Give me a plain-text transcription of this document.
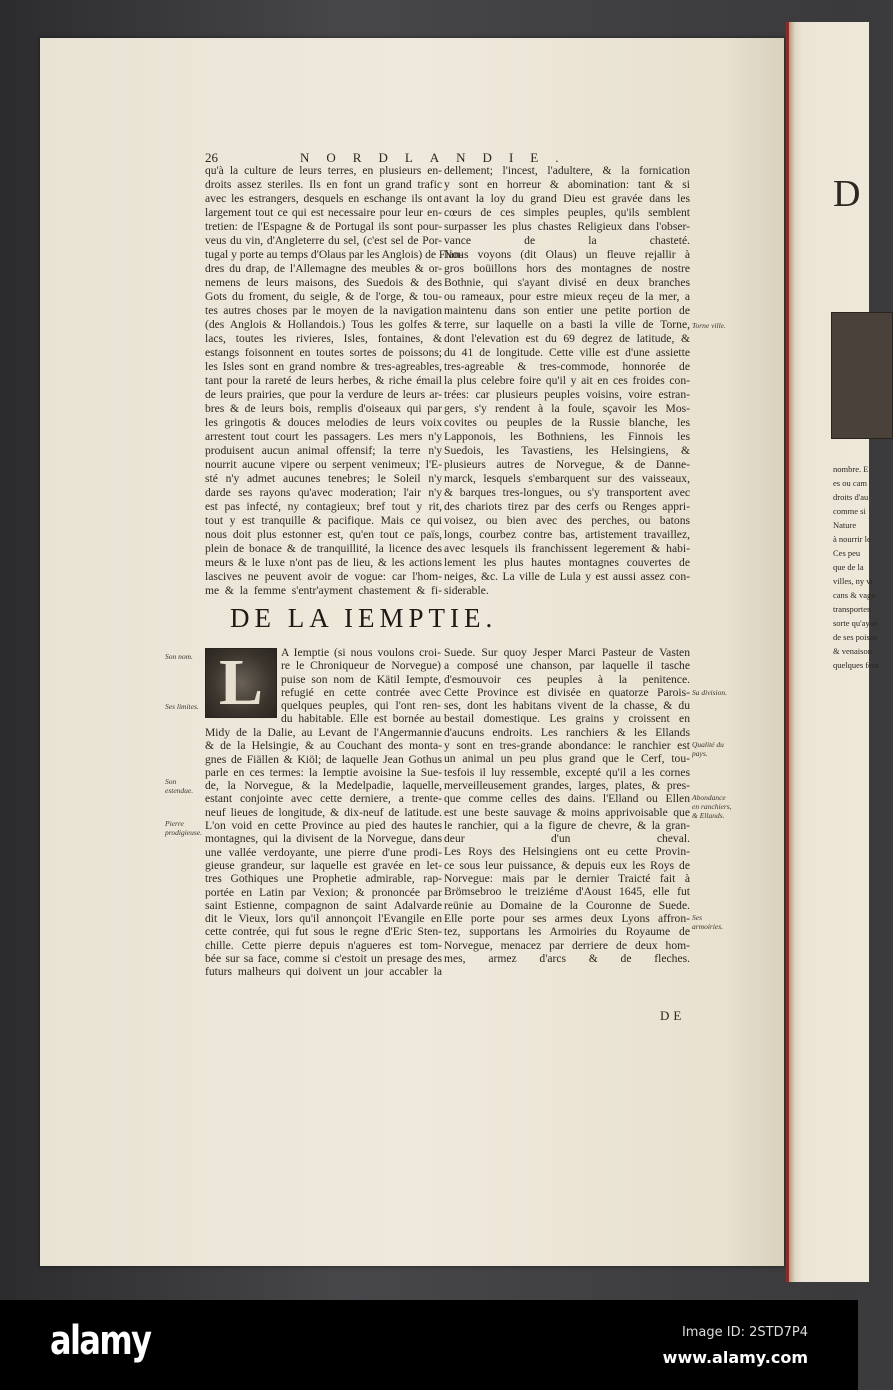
D
nombre. E
es ou cam
droits d'au
comme si
Nature
à nourrir le
Ces peu
que de la
villes, ny vi
cans & vagu
transporten
sorte qu'ayan
de ses poisso
& venaison
quelques fem
26	NORDLANDIE.
qu'à la culture de leurs terres, en plusieurs en-
droits assez steriles. Ils en font un grand trafic
avec les estrangers, desquels en eschange ils ont
largement tout ce qui est necessaire pour leur en-
tretien: de l'Espagne & de Portugal ils sont pour-
veus du vin, d'Angleterre du sel, (c'est sel de Por-
tugal y porte au temps d'Olaus par les Anglois) de Flan-
dres du drap, de l'Allemagne des meubles & or-
nemens de leurs maisons, des Suedois & des
Gots du froment, du seigle, & de l'orge, & tou-
tes autres choses par le moyen de la navigation
(des Anglois & Hollandois.) Tous les golfes &
lacs, toutes les rivieres, Isles, fontaines, &
estangs foisonnent en toutes sortes de poissons;
les Isles sont en grand nombre & tres-agreables,
tant pour la rareté de leurs herbes, & riche émail
de leurs prairies, que pour la verdure de leurs ar-
bres & de leurs bois, remplis d'oiseaux qui par
les gringotis & douces melodies de leurs voix
arrestent tout court les passagers. Les mers n'y
produisent aucun animal offensif; la terre n'y
nourrit aucune vipere ou serpent venimeux; l'E-
sté n'y admet aucunes tenebres; le Soleil n'y
darde ses rayons qu'avec moderation; l'air n'y
est pas infecté, ny contagieux; bref tout y rit,
tout y est tranquille & pacifique. Mais ce qui
nous doit plus estonner est, qu'en tout ce païs,
plein de bonace & de tranquillité, la licence des
meurs & le luxe n'ont pas de lieu, & les actions
lascives ne peuvent avoir de vogue: car l'hom-
me & la femme s'entr'ayment chastement & fi-
dellement; l'incest, l'adultere, & la fornication
y sont en horreur & abomination: tant & si
avant la loy du grand Dieu est gravée dans les
cœurs de ces simples peuples, qu'ils semblent
surpasser les plus chastes Religieux dans l'obser-
vance de la chasteté.
Nous voyons (dit Olaus) un fleuve rejallir à
gros boüillons hors des montagnes de nostre
Bothnie, qui s'ayant divisé en deux branches
ou rameaux, pour estre mieux reçeu de la mer, a
maintenu dans son entier une petite portion de
terre, sur laquelle on a basti la ville de Torne,
dont l'elevation est du 69 degrez de latitude, &
du 41 de longitude. Cette ville est d'une assiette
tres-agreable & tres-commode, honnorée de
la plus celebre foire qu'il y ait en ces froides con-
trées: car plusieurs peuples voisins, voire estran-
gers, s'y rendent à la foule, sçavoir les Mos-
covites ou peuples de la Russie blanche, les
Lapponois, les Bothniens, les Finnois les
Suedois, les Tavastiens, les Helsingiens, &
plusieurs autres de Norvegue, & de Danne-
marck, lesquels s'embarquent sur des vaisseaux,
& barques tres-longues, ou s'y transportent avec
des chariots tirez par des cerfs ou Renges appri-
voisez, ou bien avec des perches, ou batons
longs, courbez contre bas, artistement travaillez,
avec lesquels ils franchissent legerement & habi-
lement les plus hautes montagnes couvertes de
neiges, &c. La ville de Lula y est aussi assez con-
siderable.
DE LA IEMPTIE.
L	A Iemptie (si nous voulons croi-
re le Chroniqueur de Norvegue)
puise son nom de Kätil Iempte,
refugié en cette contrée avec
quelques peuples, qui l'ont ren-
du habitable. Elle est bornée au
Midy de la Dalie, au Levant de l'Angermannie
& de la Helsingie, & au Couchant des monta-
gnes de Fiällen & Kiöl; de laquelle Jean Gothus
parle en ces termes: la Iemptie avoisine la Sue-
de, la Norvegue, & la Medelpadie, laquelle,
estant conjointe avec cette derniere, a trente-
neuf lieues de longitude, & dix-neuf de latitude.
L'on void en cette Province au pied des hautes
montagnes, qui la divisent de la Norvegue, dans
une vallée verdoyante, une pierre d'une prodi-
gieuse grandeur, sur laquelle est gravée en let-
tres Gothiques une Prophetie admirable, rap-
portée en Latin par Vexion; & prononcée par
saint Estienne, compagnon de saint Adalvarde
dit le Vieux, lors qu'il annonçoit l'Evangile en
cette contrée, qui fut sous le regne d'Eric Sten-
chille. Cette pierre depuis n'agueres est tom-
bée sur sa face, comme si c'estoit un presage des
futurs malheurs qui doivent un jour accabler la
Suede. Sur quoy Jesper Marci Pasteur de Vasten
a composé une chanson, par laquelle il tasche
d'esmouvoir ces peuples à la penitence.
Cette Province est divisée en quatorze Parois-
ses, dont les habitans vivent de la chasse, & du
bestail domestique. Les grains y croissent en
d'aucuns endroits. Les ranchiers & les Ellands
y sont en tres-grande abondance: le ranchier est
un animal un peu plus grand que le Cerf, tou-
tesfois il luy ressemble, excepté qu'il a les cornes
merveilleusement grandes, larges, plates, & pres-
que comme celles des dains. l'Elland ou Ellen
est une beste sauvage & moins apprivoisable que
le ranchier, qui a la figure de chevre, & la gran-
deur d'un cheval.
Les Roys des Helsingiens ont eu cette Provin-
ce sous leur puissance, & depuis eux les Roys de
Norvegue: mais par le dernier Traicté fait à
Brömsebroo le treiziéme d'Aoust 1645, elle fut
reünie au Domaine de la Couronne de Suede.
Elle porte pour ses armes deux Lyons affron-
tez, supportans les Armoiries du Royaume de
Norvegue, menacez par derriere de deux hom-
mes, armez d'arcs & de fleches.
Torne ville.
Son nom.
Ses limites.
Son estendue.
Pierre prodigieuse.
Sa division.
Qualité du pays.
Abondance en ranchiers, & Ellands.
Ses armoiries.
DE
alamy	Image ID: 2STD7P4
www.alamy.com
